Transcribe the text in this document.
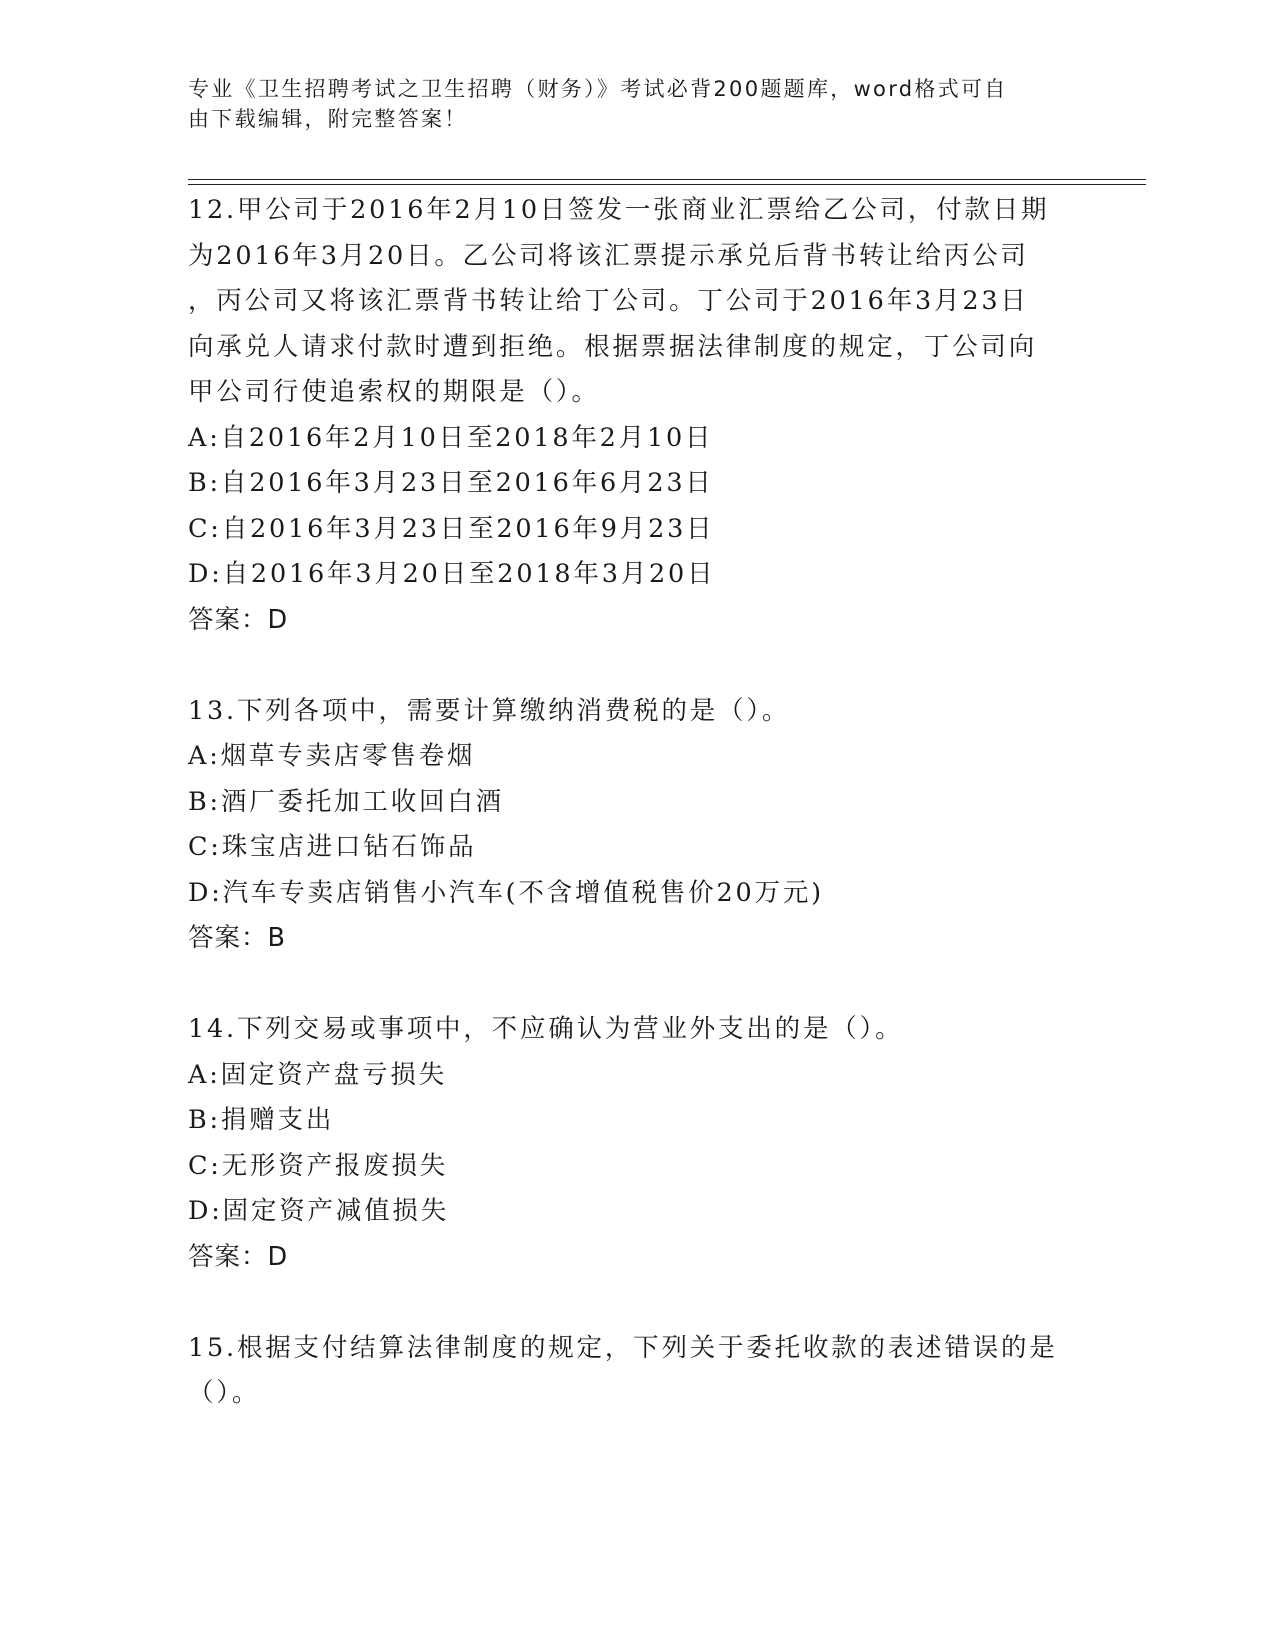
专业《卫生招聘考试之卫生招聘（财务）》考试必背200题题库，word格式可自
由下载编辑，附完整答案！
12.甲公司于2016年2月10日签发一张商业汇票给乙公司，付款日期
为2016年3月20日。乙公司将该汇票提示承兑后背书转让给丙公司
，丙公司又将该汇票背书转让给丁公司。丁公司于2016年3月23日
向承兑人请求付款时遭到拒绝。根据票据法律制度的规定，丁公司向
甲公司行使追索权的期限是（）。
A:自2016年2月10日至2018年2月10日
B:自2016年3月23日至2016年6月23日
C:自2016年3月23日至2016年9月23日
D:自2016年3月20日至2018年3月20日
答案：D
13.下列各项中，需要计算缴纳消费税的是（）。
A:烟草专卖店零售卷烟
B:酒厂委托加工收回白酒
C:珠宝店进口钻石饰品
D:汽车专卖店销售小汽车(不含增值税售价20万元)
答案：B
14.下列交易或事项中，不应确认为营业外支出的是（）。
A:固定资产盘亏损失
B:捐赠支出
C:无形资产报废损失
D:固定资产减值损失
答案：D
15.根据支付结算法律制度的规定，下列关于委托收款的表述错误的是
（）。
